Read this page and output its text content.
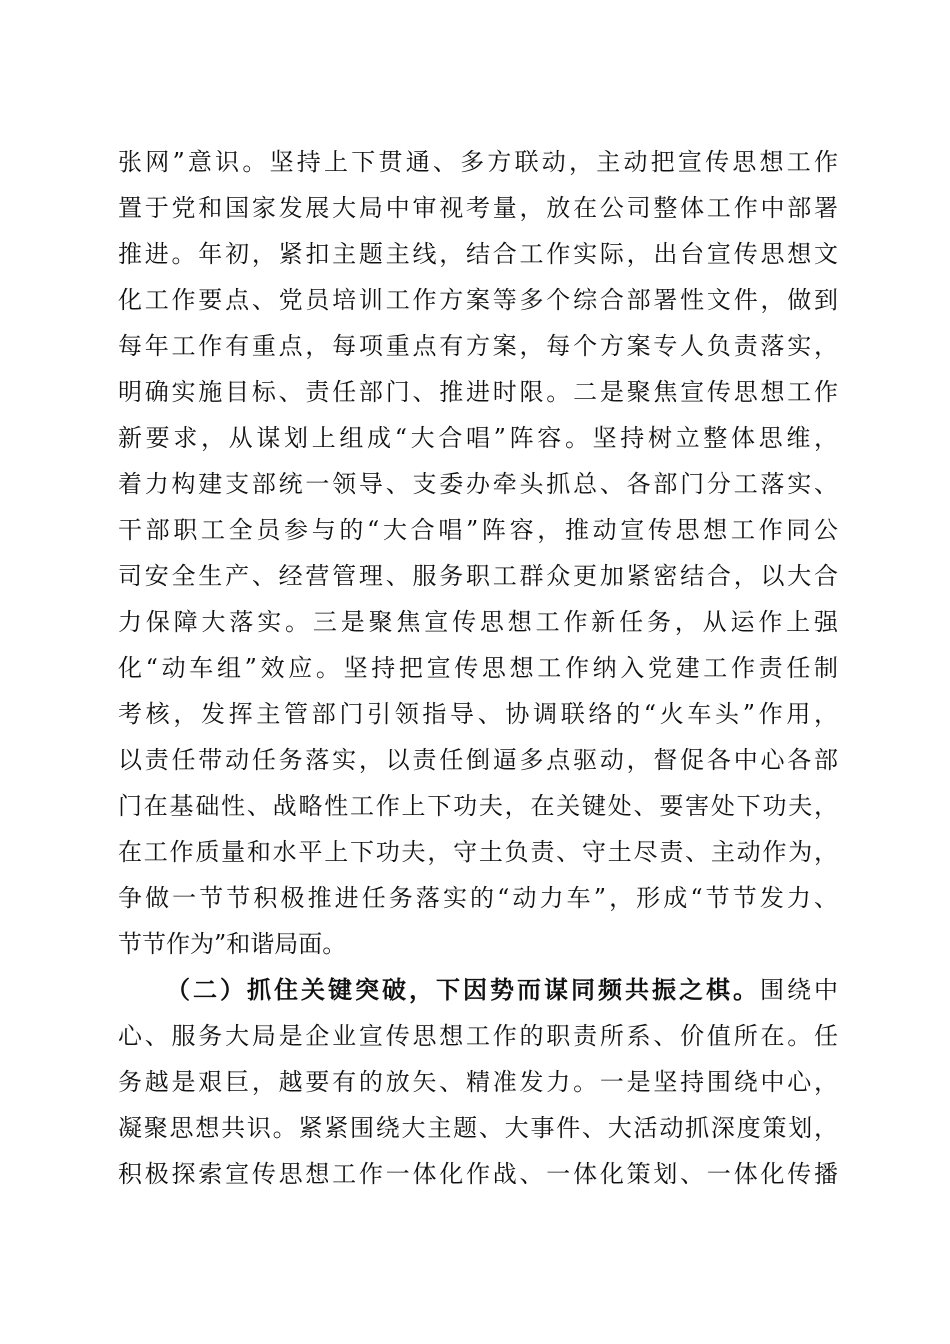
张网”意识。坚持上下贯通、多方联动，主动把宣传思想工作
置于党和国家发展大局中审视考量，放在公司整体工作中部署
推进。年初，紧扣主题主线，结合工作实际，出台宣传思想文
化工作要点、党员培训工作方案等多个综合部署性文件，做到
每年工作有重点，每项重点有方案，每个方案专人负责落实，
明确实施目标、责任部门、推进时限。二是聚焦宣传思想工作
新要求，从谋划上组成“大合唱”阵容。坚持树立整体思维，
着力构建支部统一领导、支委办牵头抓总、各部门分工落实、
干部职工全员参与的“大合唱”阵容，推动宣传思想工作同公
司安全生产、经营管理、服务职工群众更加紧密结合，以大合
力保障大落实。三是聚焦宣传思想工作新任务，从运作上强
化“动车组”效应。坚持把宣传思想工作纳入党建工作责任制
考核，发挥主管部门引领指导、协调联络的“火车头”作用，
以责任带动任务落实，以责任倒逼多点驱动，督促各中心各部
门在基础性、战略性工作上下功夫，在关键处、要害处下功夫，
在工作质量和水平上下功夫，守土负责、守土尽责、主动作为，
争做一节节积极推进任务落实的“动力车”，形成“节节发力、
节节作为”和谐局面。
（二）抓住关键突破，下因势而谋同频共振之棋。围绕中
心、服务大局是企业宣传思想工作的职责所系、价值所在。任
务越是艰巨，越要有的放矢、精准发力。一是坚持围绕中心，
凝聚思想共识。紧紧围绕大主题、大事件、大活动抓深度策划，
积极探索宣传思想工作一体化作战、一体化策划、一体化传播
